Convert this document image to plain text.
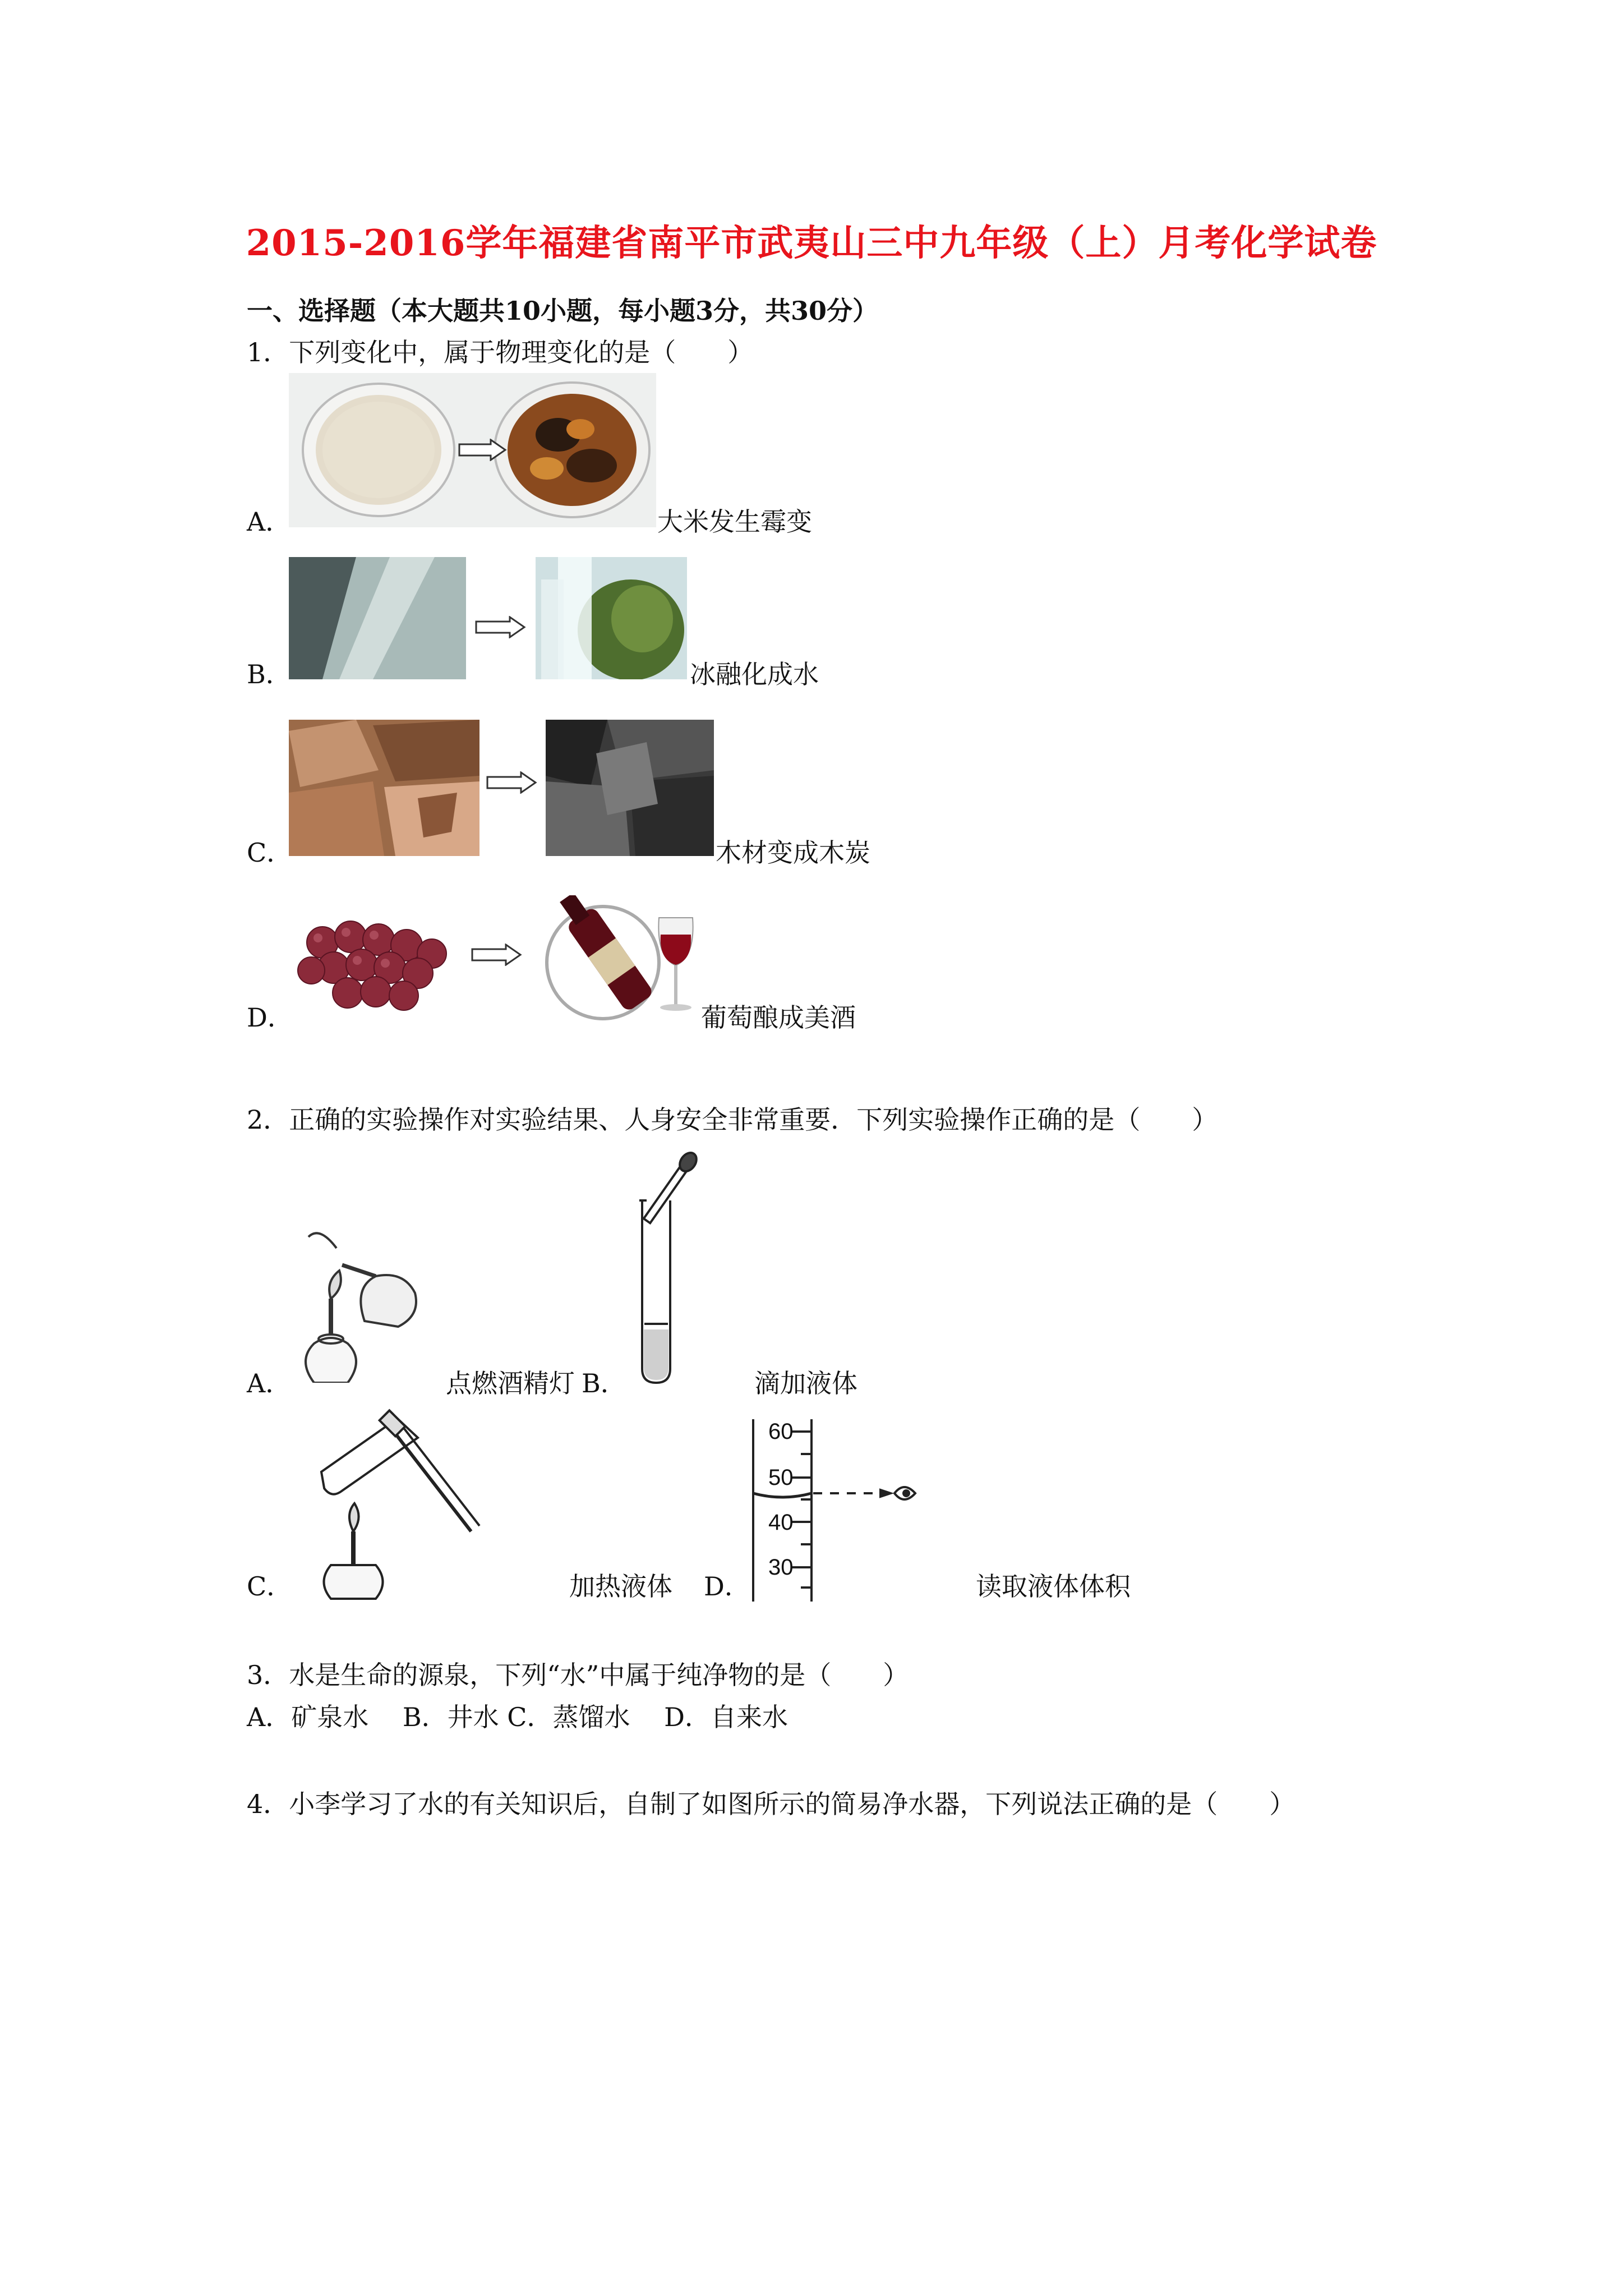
2015-2016学年福建省南平市武夷山三中九年级（上）月考化学试卷
一、选择题（本大题共10小题，每小题3分，共30分）
1．下列变化中，属于物理变化的是（　　）
A．	大米发生霉变
B．	冰融化成水
C．	木材变成木炭
D．	葡萄酿成美酒
2．正确的实验操作对实验结果、人身安全非常重要．下列实验操作正确的是（　　）
A．	点燃酒精灯 B．	滴加液体
C．	加热液体
60
50
40
30
D．	读取液体体积
3．水是生命的源泉，下列“水”中属于纯净物的是（　　）
A．矿泉水　 B．井水 C．蒸馏水　 D．自来水
4．小李学习了水的有关知识后，自制了如图所示的简易净水器，下列说法正确的是（　　）
